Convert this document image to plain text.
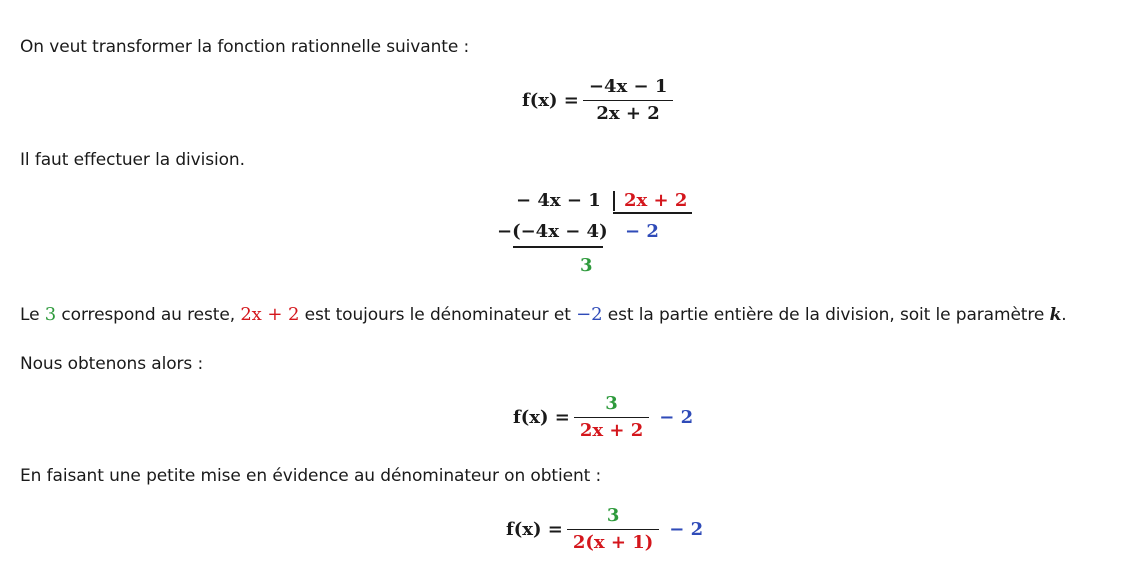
On veut transformer la fonction rationnelle suivante :
$f(x) = \frac{-4x - 1}{2x + 2}$
Il faut effectuer la division.
− 4x − 1 2x + 2
−(−4x − 4) − 2
3
Le 3 correspond au reste, 2x + 2 est toujours le dénominateur et −2 est la partie entière de la division, soit le paramètre k.
Nous obtenons alors :
$f(x) = \frac{3}{2x + 2} - 2$
En faisant une petite mise en évidence au dénominateur on obtient :
$f(x) = \frac{3}{2(x + 1)} - 2$
